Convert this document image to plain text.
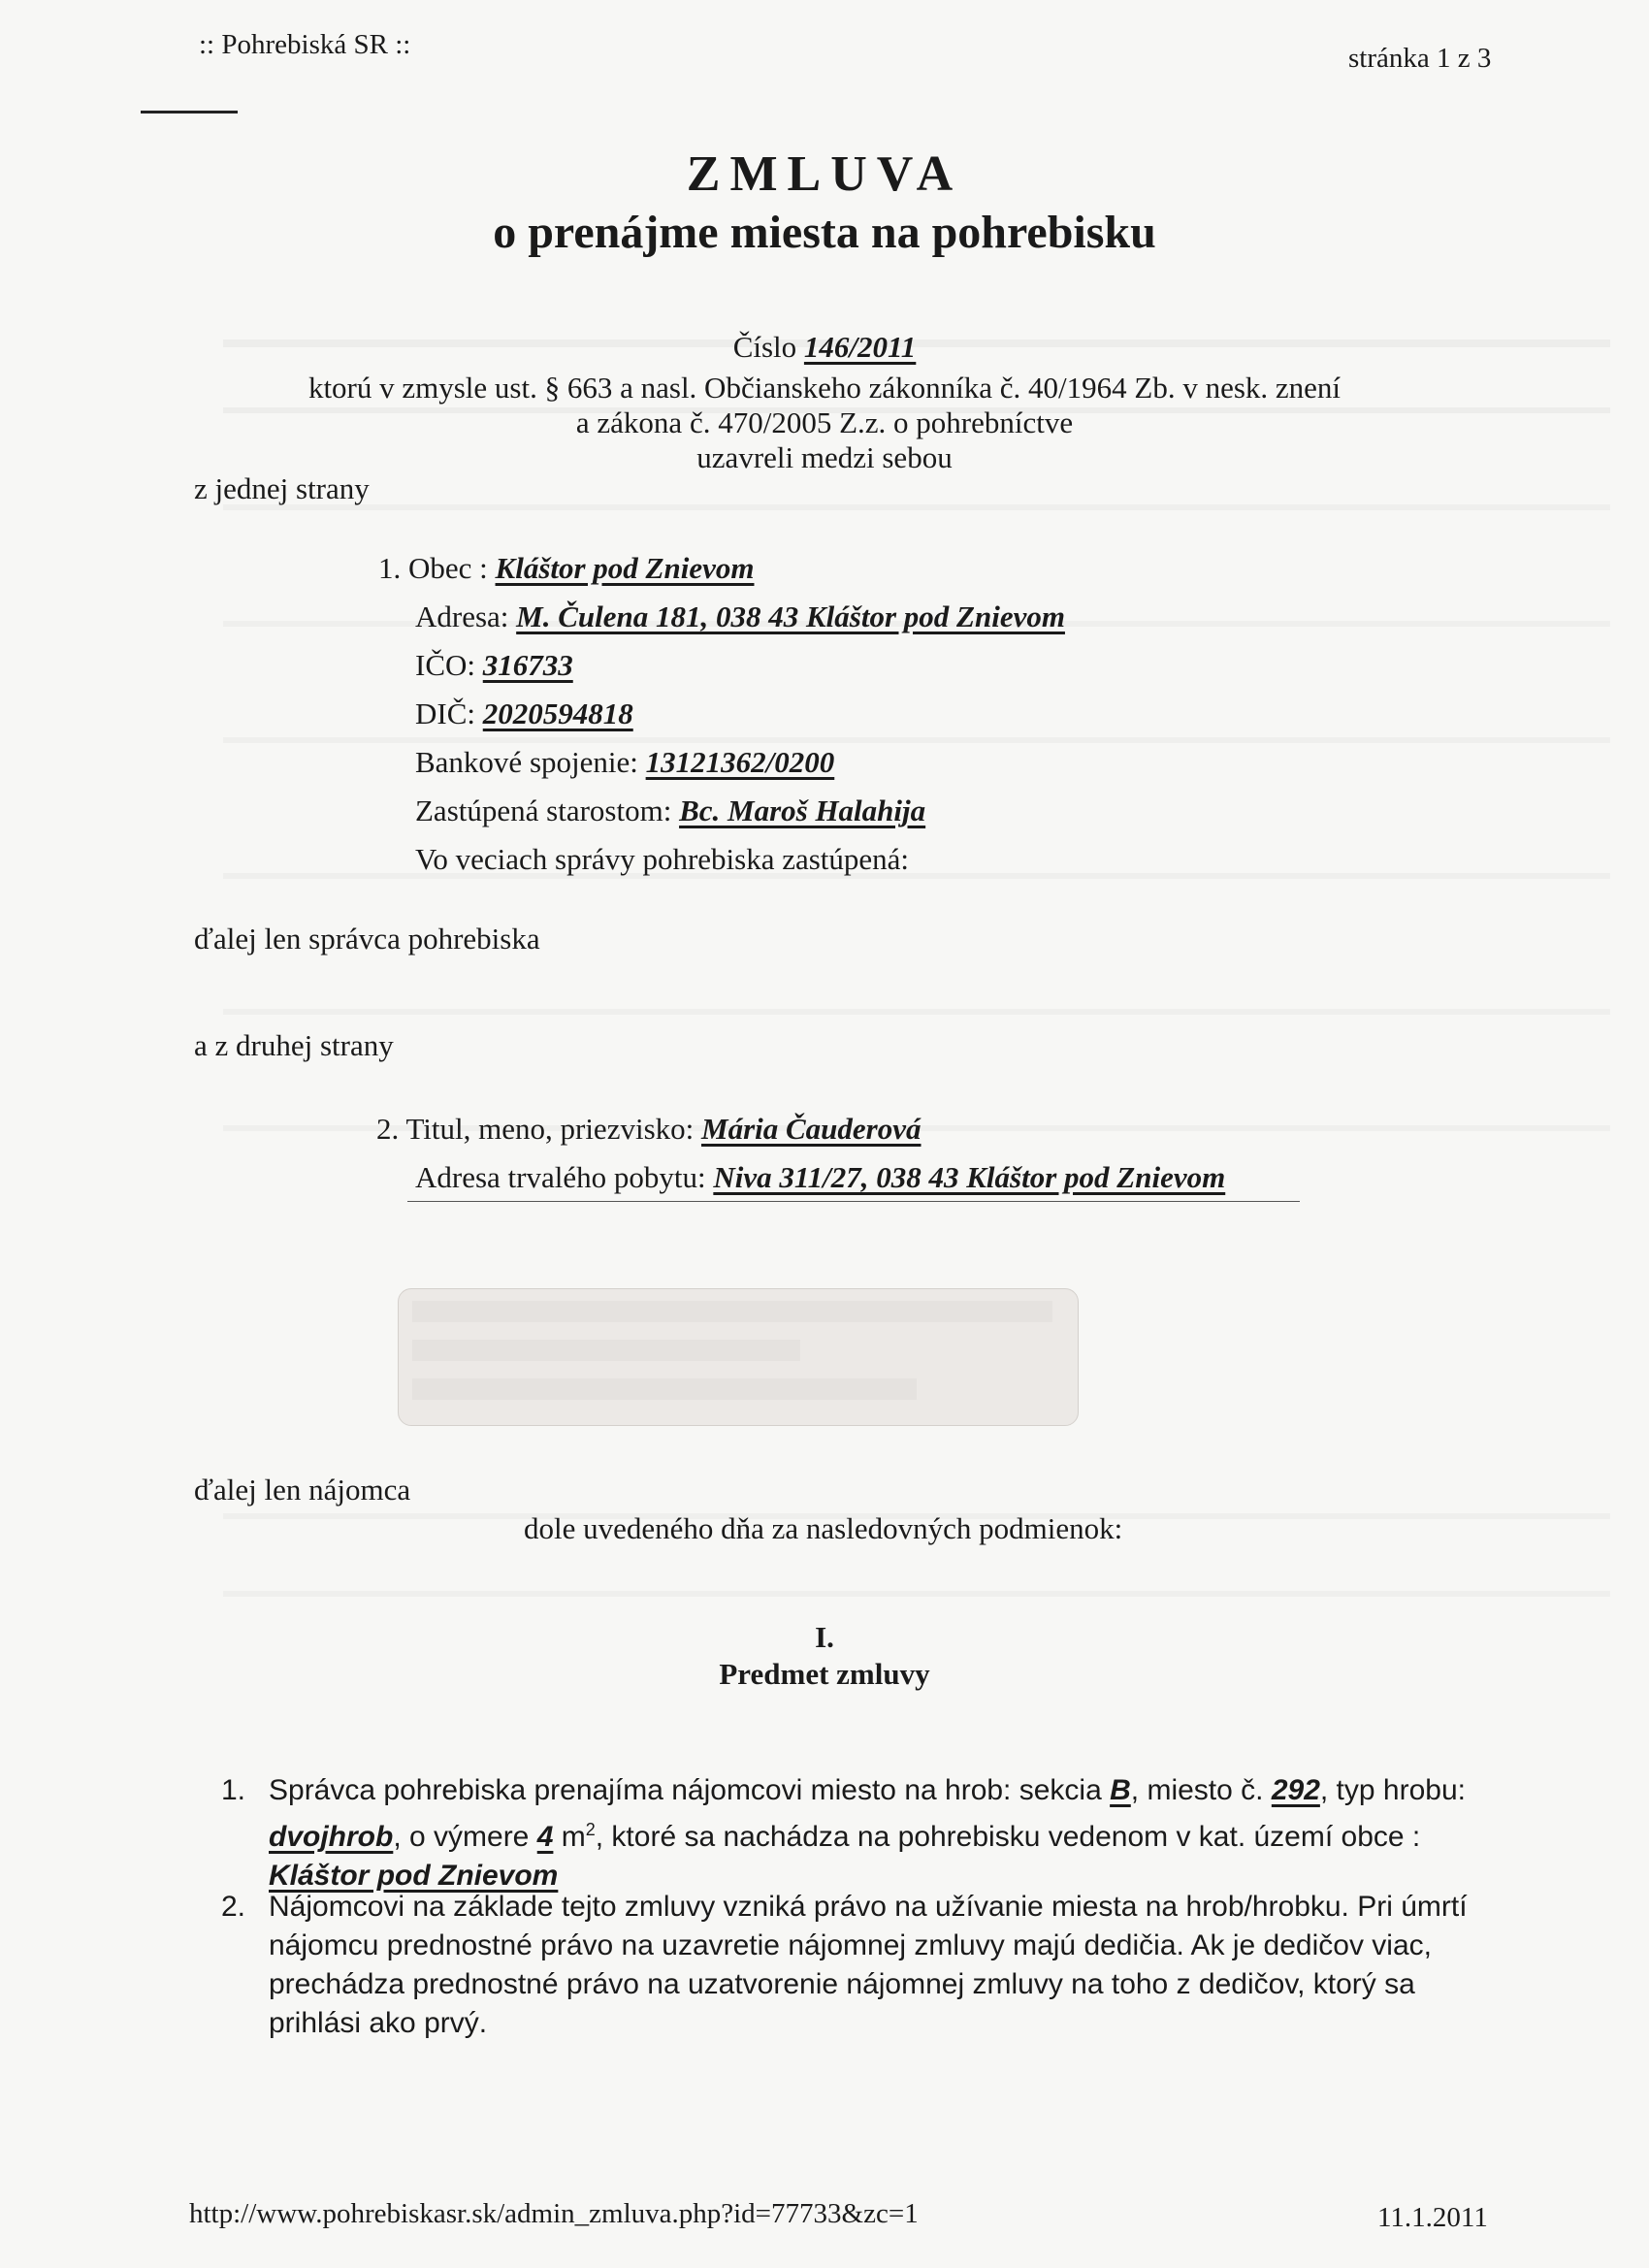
:: Pohrebiská SR ::	stránka 1 z 3
ZMLUVA
o prenájme miesta na pohrebisku
Číslo 146/2011
ktorú v zmysle ust. § 663 a nasl. Občianskeho zákonníka č. 40/1964 Zb. v nesk. znení
a zákona č. 470/2005 Z.z. o pohrebníctve
uzavreli medzi sebou
z jednej strany
1. Obec : Kláštor pod Znievom
Adresa: M. Čulena 181, 038 43 Kláštor pod Znievom
IČO: 316733
DIČ: 2020594818
Bankové spojenie: 13121362/0200
Zastúpená starostom: Bc. Maroš Halahija
Vo veciach správy pohrebiska zastúpená:
ďalej len správca pohrebiska
a z druhej strany
2. Titul, meno, priezvisko: Mária Čauderová
Adresa trvalého pobytu: Niva 311/27, 038 43 Kláštor pod Znievom
ďalej len nájomca
dole uvedeného dňa za nasledovných podmienok:
I.
Predmet zmluvy
1. Správca pohrebiska prenajíma nájomcovi miesto na hrob: sekcia B, miesto č. 292, typ hrobu: dvojhrob, o výmere 4 $m^2$, ktoré sa nachádza na pohrebisku vedenom v kat. území obce : Kláštor pod Znievom
2. Nájomcovi na základe tejto zmluvy vzniká právo na užívanie miesta na hrob/hrobku. Pri úmrtí
nájomcu prednostné právo na uzavretie nájomnej zmluvy majú dedičia. Ak je dedičov viac,
prechádza prednostné právo na uzatvorenie nájomnej zmluvy na toho z dedičov, ktorý sa
prihlási ako prvý.
http://www.pohrebiskasr.sk/admin_zmluva.php?id=77733&zc=1	11.1.2011
